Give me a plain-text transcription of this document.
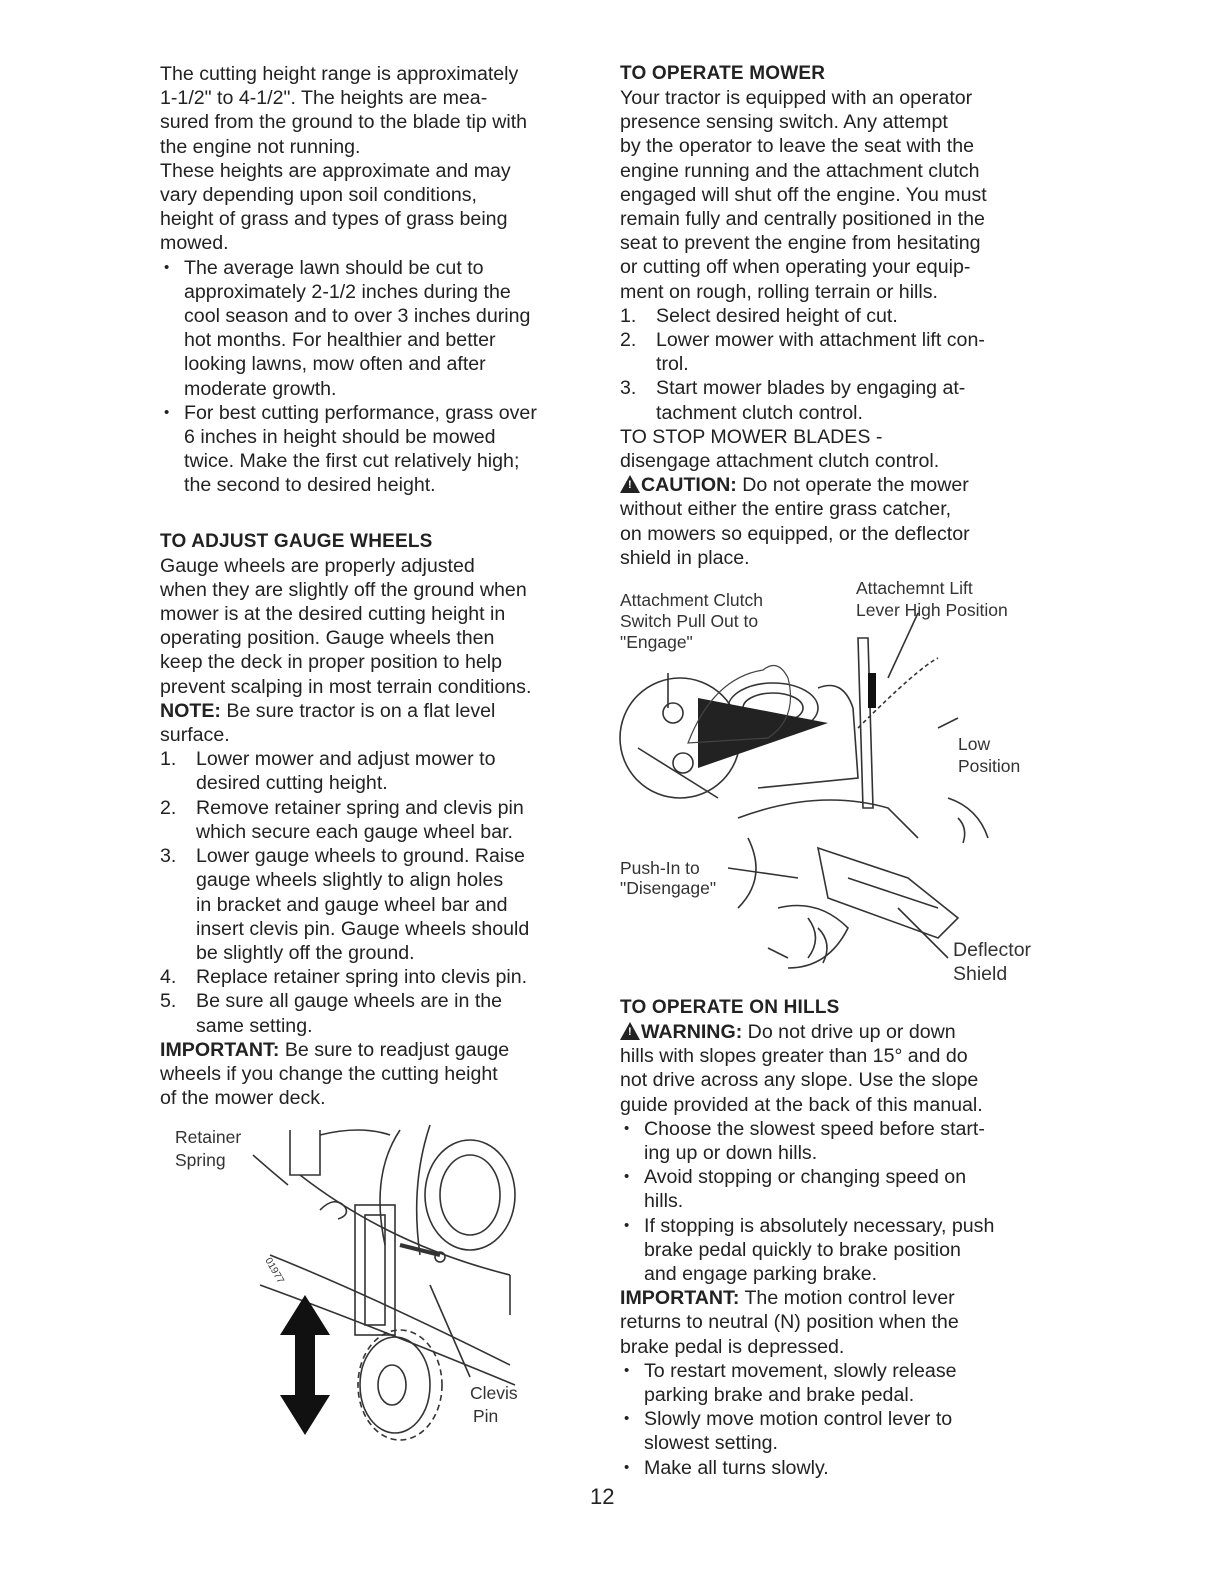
The cutting height range is approximately
1-1/2" to 4-1/2". The heights are mea-
sured from the ground to the blade tip with
the engine not running.

These heights are approximate and may
vary depending upon soil conditions,
height of grass and types of grass being
mowed.

• The average lawn should be cut to
approximately 2-1/2 inches during the
cool season and to over 3 inches during
hot months. For healthier and better
looking lawns, mow often and after
moderate growth.
• For best cutting performance, grass over
6 inches in height should be mowed
twice. Make the first cut relatively high;
the second to desired height.
TO ADJUST GAUGE WHEELS

Gauge wheels are properly adjusted
when they are slightly off the ground when
mower is at the desired cutting height in
operating position. Gauge wheels then
keep the deck in proper position to help
prevent scalping in most terrain conditions.

NOTE: Be sure tractor is on a flat level
surface.

1. Lower mower and adjust mower to
desired cutting height.
2. Remove retainer spring and clevis pin
which secure each gauge wheel bar.
3. Lower gauge wheels to ground. Raise
gauge wheels slightly to align holes
in bracket and gauge wheel bar and
insert clevis pin. Gauge wheels should
be slightly off the ground.
4. Replace retainer spring into clevis pin.
5. Be sure all gauge wheels are in the
same setting.

IMPORTANT: Be sure to readjust gauge
wheels if you change the cutting height
of the mower deck.

01977

Retainer

Spring

Clevis

Pin

TO OPERATE MOWER

Your tractor is equipped with an operator
presence sensing switch. Any attempt
by the operator to leave the seat with the
engine running and the attachment clutch
engaged will shut off the engine. You must
remain fully and centrally positioned in the
seat to prevent the engine from hesitating
or cutting off when operating your equip-
ment on rough, rolling terrain or hills.

1. Select desired height of cut.
2. Lower mower with attachment lift con-
trol.
3. Start mower blades by engaging at-
tachment clutch control.

TO STOP MOWER BLADES -
disengage attachment clutch control.

!CAUTION: Do not operate the mower
without either the entire grass catcher,
on mowers so equipped, or the deflector
shield in place.

Attachment Clutch

Switch Pull Out to

"Engage"

Attachemnt Lift

Lever High Position

Low

Position

Push-In to

"Disengage"

Deflector

Shield

TO OPERATE ON HILLS

!WARNING: Do not drive up or down
hills with slopes greater than 15° and do
not drive across any slope. Use the slope
guide provided at the back of this manual.

• Choose the slowest speed before start-
ing up or down hills.
• Avoid stopping or changing speed on
hills.
• If stopping is absolutely necessary, push
brake pedal quickly to brake position
and engage parking brake.

IMPORTANT: The motion control lever
returns to neutral (N) position when the
brake pedal is depressed.

• To restart movement, slowly release
parking brake and brake pedal.
• Slowly move motion control lever to
slowest setting.
• Make all turns slowly.
12
